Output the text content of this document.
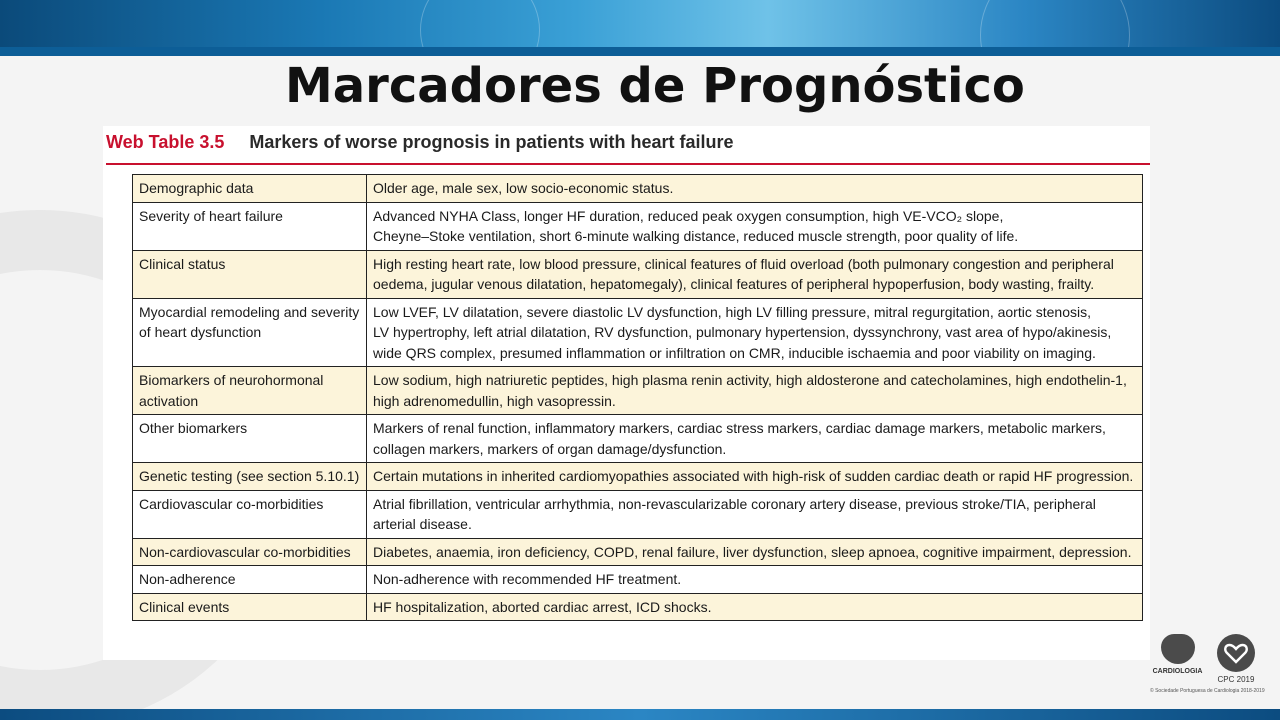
Marcadores de Prognóstico
Web Table 3.5 Markers of worse prognosis in patients with heart failure
Demographic data	Older age, male sex, low socio-economic status.

Severity of heart failure	Advanced NYHA Class, longer HF duration, reduced peak oxygen consumption, high VE-VCO₂ slope,
Cheyne–Stoke ventilation, short 6-minute walking distance, reduced muscle strength, poor quality of life.

Clinical status	High resting heart rate, low blood pressure, clinical features of fluid overload (both pulmonary congestion and peripheral
oedema, jugular venous dilatation, hepatomegaly), clinical features of peripheral hypoperfusion, body wasting, frailty.

Myocardial remodeling and severity of heart dysfunction	Low LVEF, LV dilatation, severe diastolic LV dysfunction, high LV filling pressure, mitral regurgitation, aortic stenosis,
LV hypertrophy, left atrial dilatation, RV dysfunction, pulmonary hypertension, dyssynchrony, vast area of hypo/akinesis,
wide QRS complex, presumed inflammation or infiltration on CMR, inducible ischaemia and poor viability on imaging.

Biomarkers of neurohormonal activation	Low sodium, high natriuretic peptides, high plasma renin activity, high aldosterone and catecholamines, high endothelin-1,
high adrenomedullin, high vasopressin.

Other biomarkers	Markers of renal function, inflammatory markers, cardiac stress markers, cardiac damage markers, metabolic markers,
collagen markers, markers of organ damage/dysfunction.

Genetic testing (see section 5.10.1)	Certain mutations in inherited cardiomyopathies associated with high-risk of sudden cardiac death or rapid HF progression.

Cardiovascular co-morbidities	Atrial fibrillation, ventricular arrhythmia, non-revascularizable coronary artery disease, previous stroke/TIA, peripheral
arterial disease.

Non-cardiovascular co-morbidities	Diabetes, anaemia, iron deficiency, COPD, renal failure, liver dysfunction, sleep apnoea, cognitive impairment, depression.

Non-adherence	Non-adherence with recommended HF treatment.

Clinical events	HF hospitalization, aborted cardiac arrest, ICD shocks.
CARDIOLOGIA
CPC 2019
© Sociedade Portuguesa de Cardiologia 2018-2019
